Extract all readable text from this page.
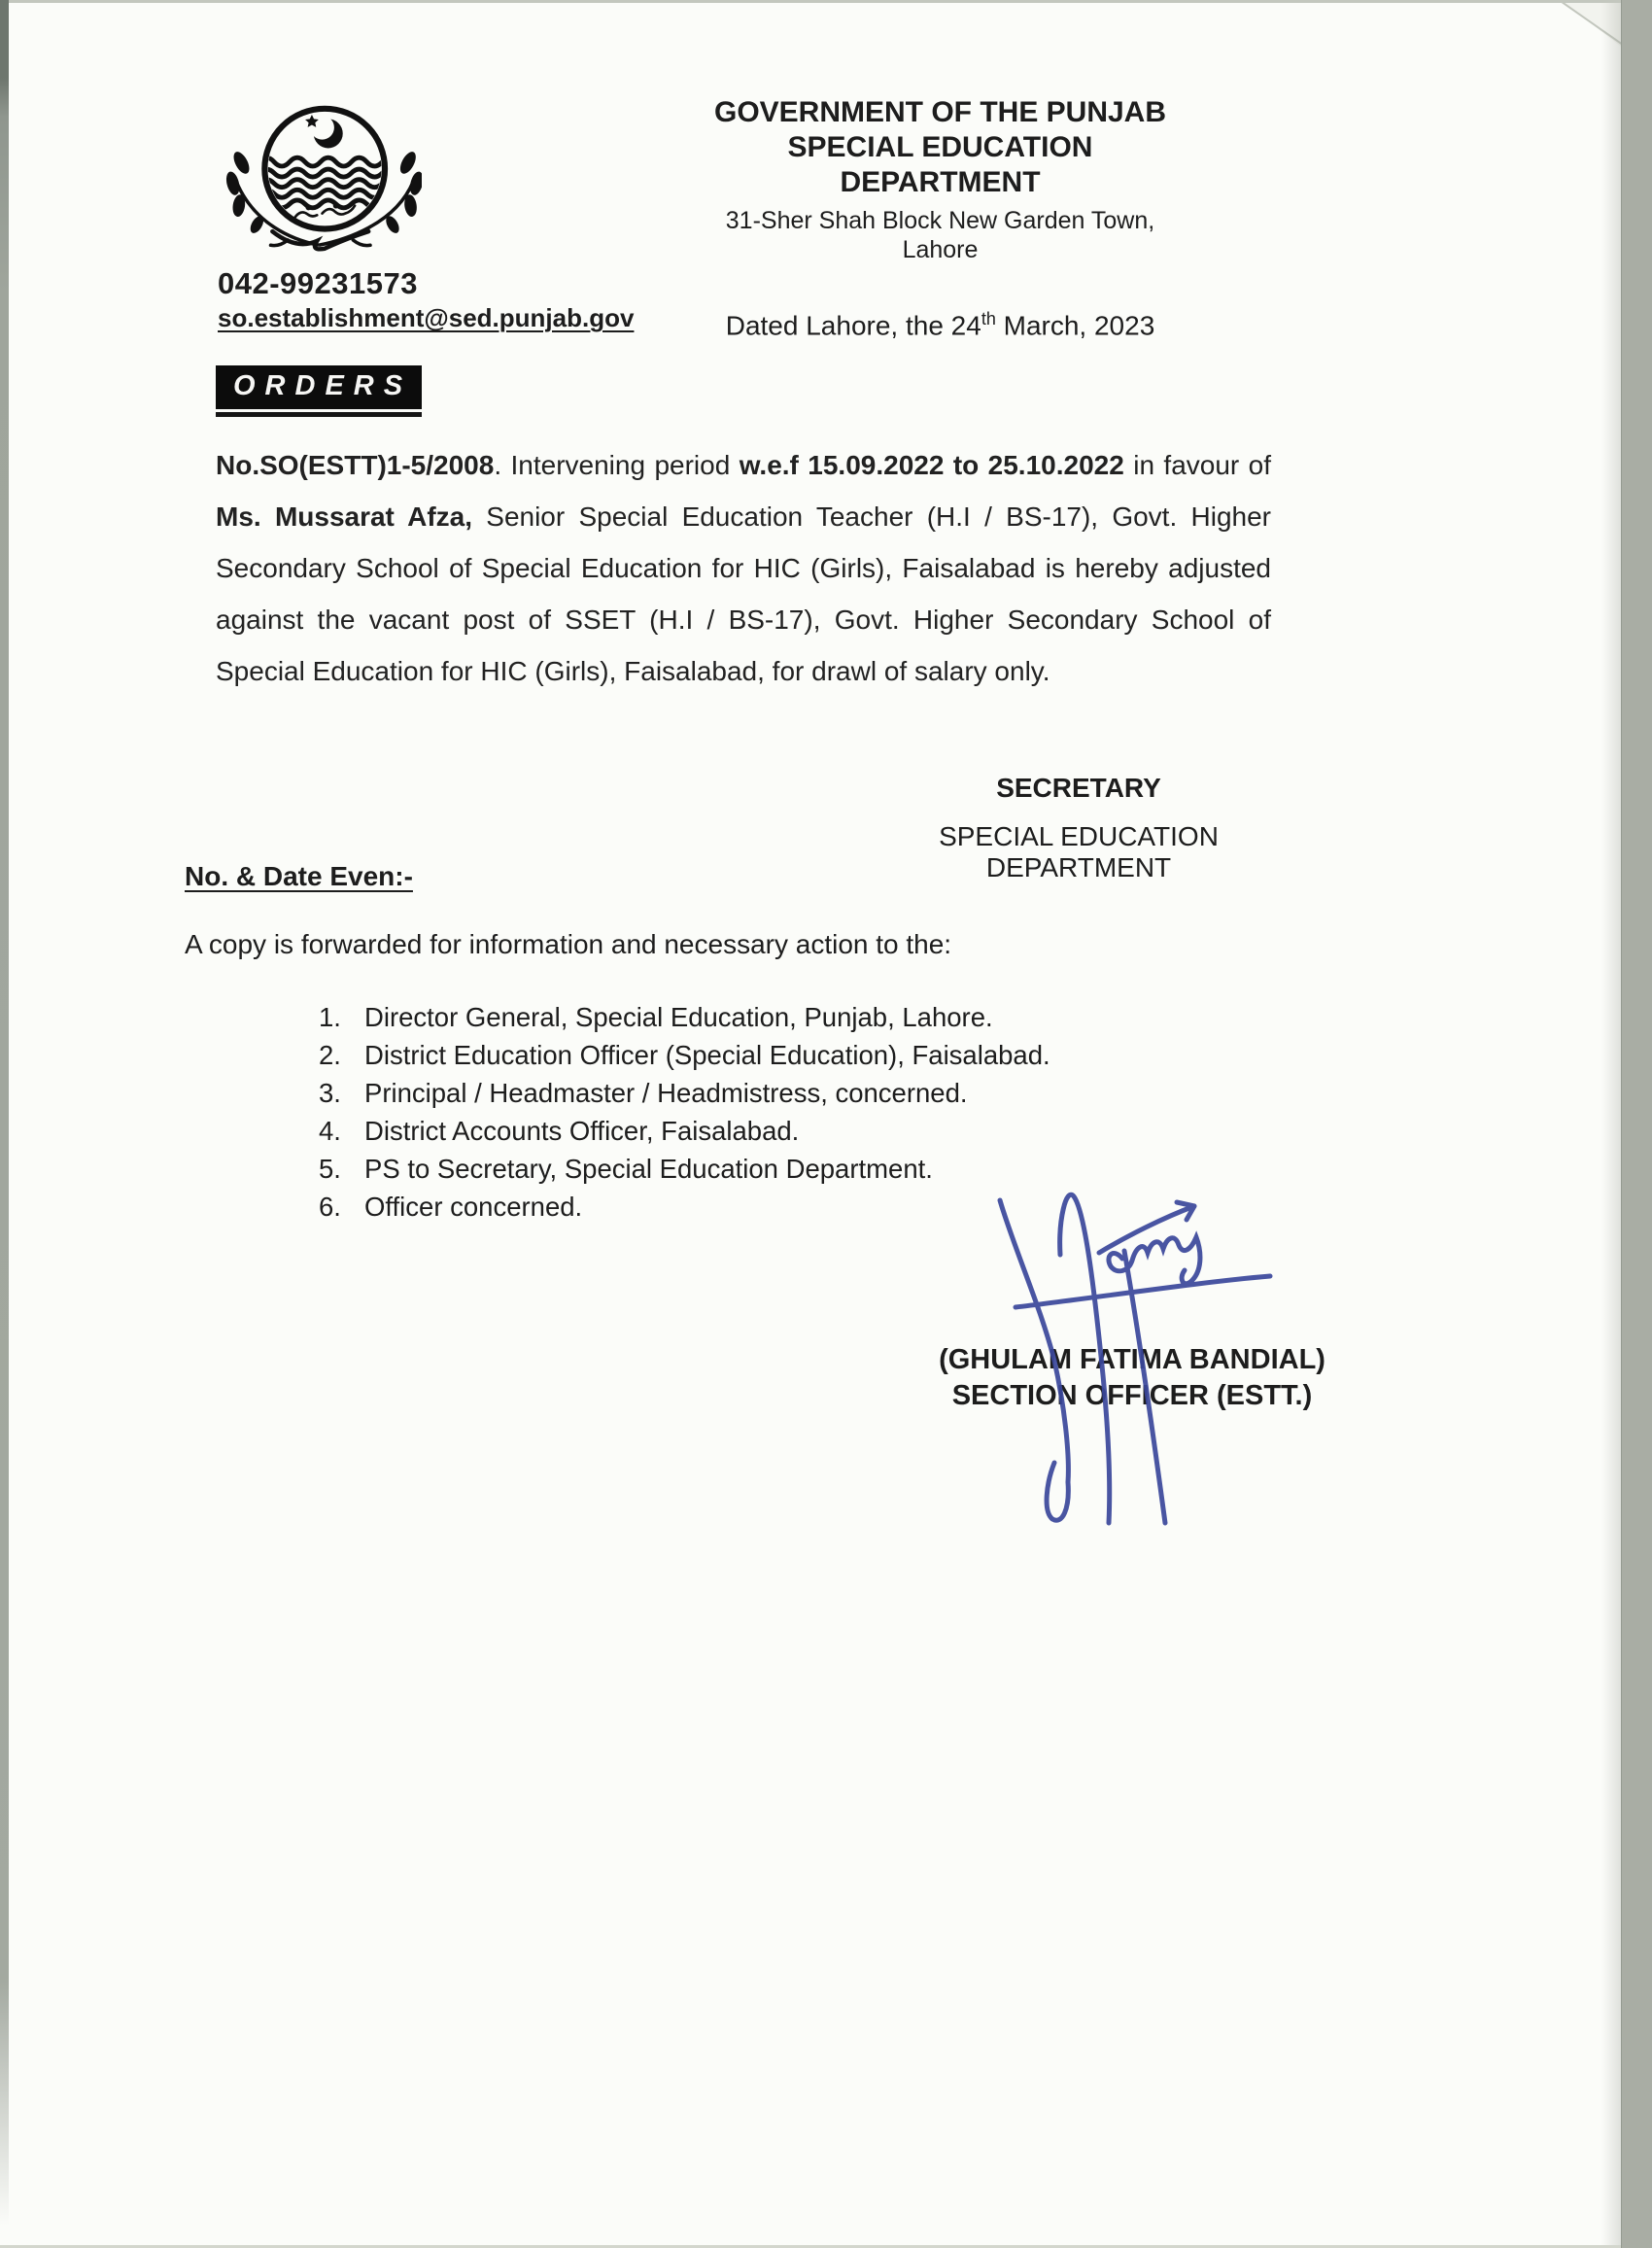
042-99231573
so.establishment@sed.punjab.gov
GOVERNMENT OF THE PUNJAB
SPECIAL EDUCATION DEPARTMENT
31-Sher Shah Block New Garden Town, Lahore
Dated Lahore, the 24th March, 2023
ORDERS
No.SO(ESTT)1-5/2008. Intervening period w.e.f 15.09.2022 to 25.10.2022 in favour of Ms. Mussarat Afza, Senior Special Education Teacher (H.I / BS-17), Govt. Higher Secondary School of Special Education for HIC (Girls), Faisalabad is hereby adjusted against the vacant post of SSET (H.I / BS-17), Govt. Higher Secondary School of Special Education for HIC (Girls), Faisalabad, for drawl of salary only.
SECRETARY
SPECIAL EDUCATION DEPARTMENT
No. & Date Even:-
A copy is forwarded for information and necessary action to the:
1. Director General, Special Education, Punjab, Lahore.
2. District Education Officer (Special Education), Faisalabad.
3. Principal / Headmaster / Headmistress, concerned.
4. District Accounts Officer, Faisalabad.
5. PS to Secretary, Special Education Department.
6. Officer concerned.
(GHULAM FATIMA BANDIAL)
SECTION OFFICER (ESTT.)
